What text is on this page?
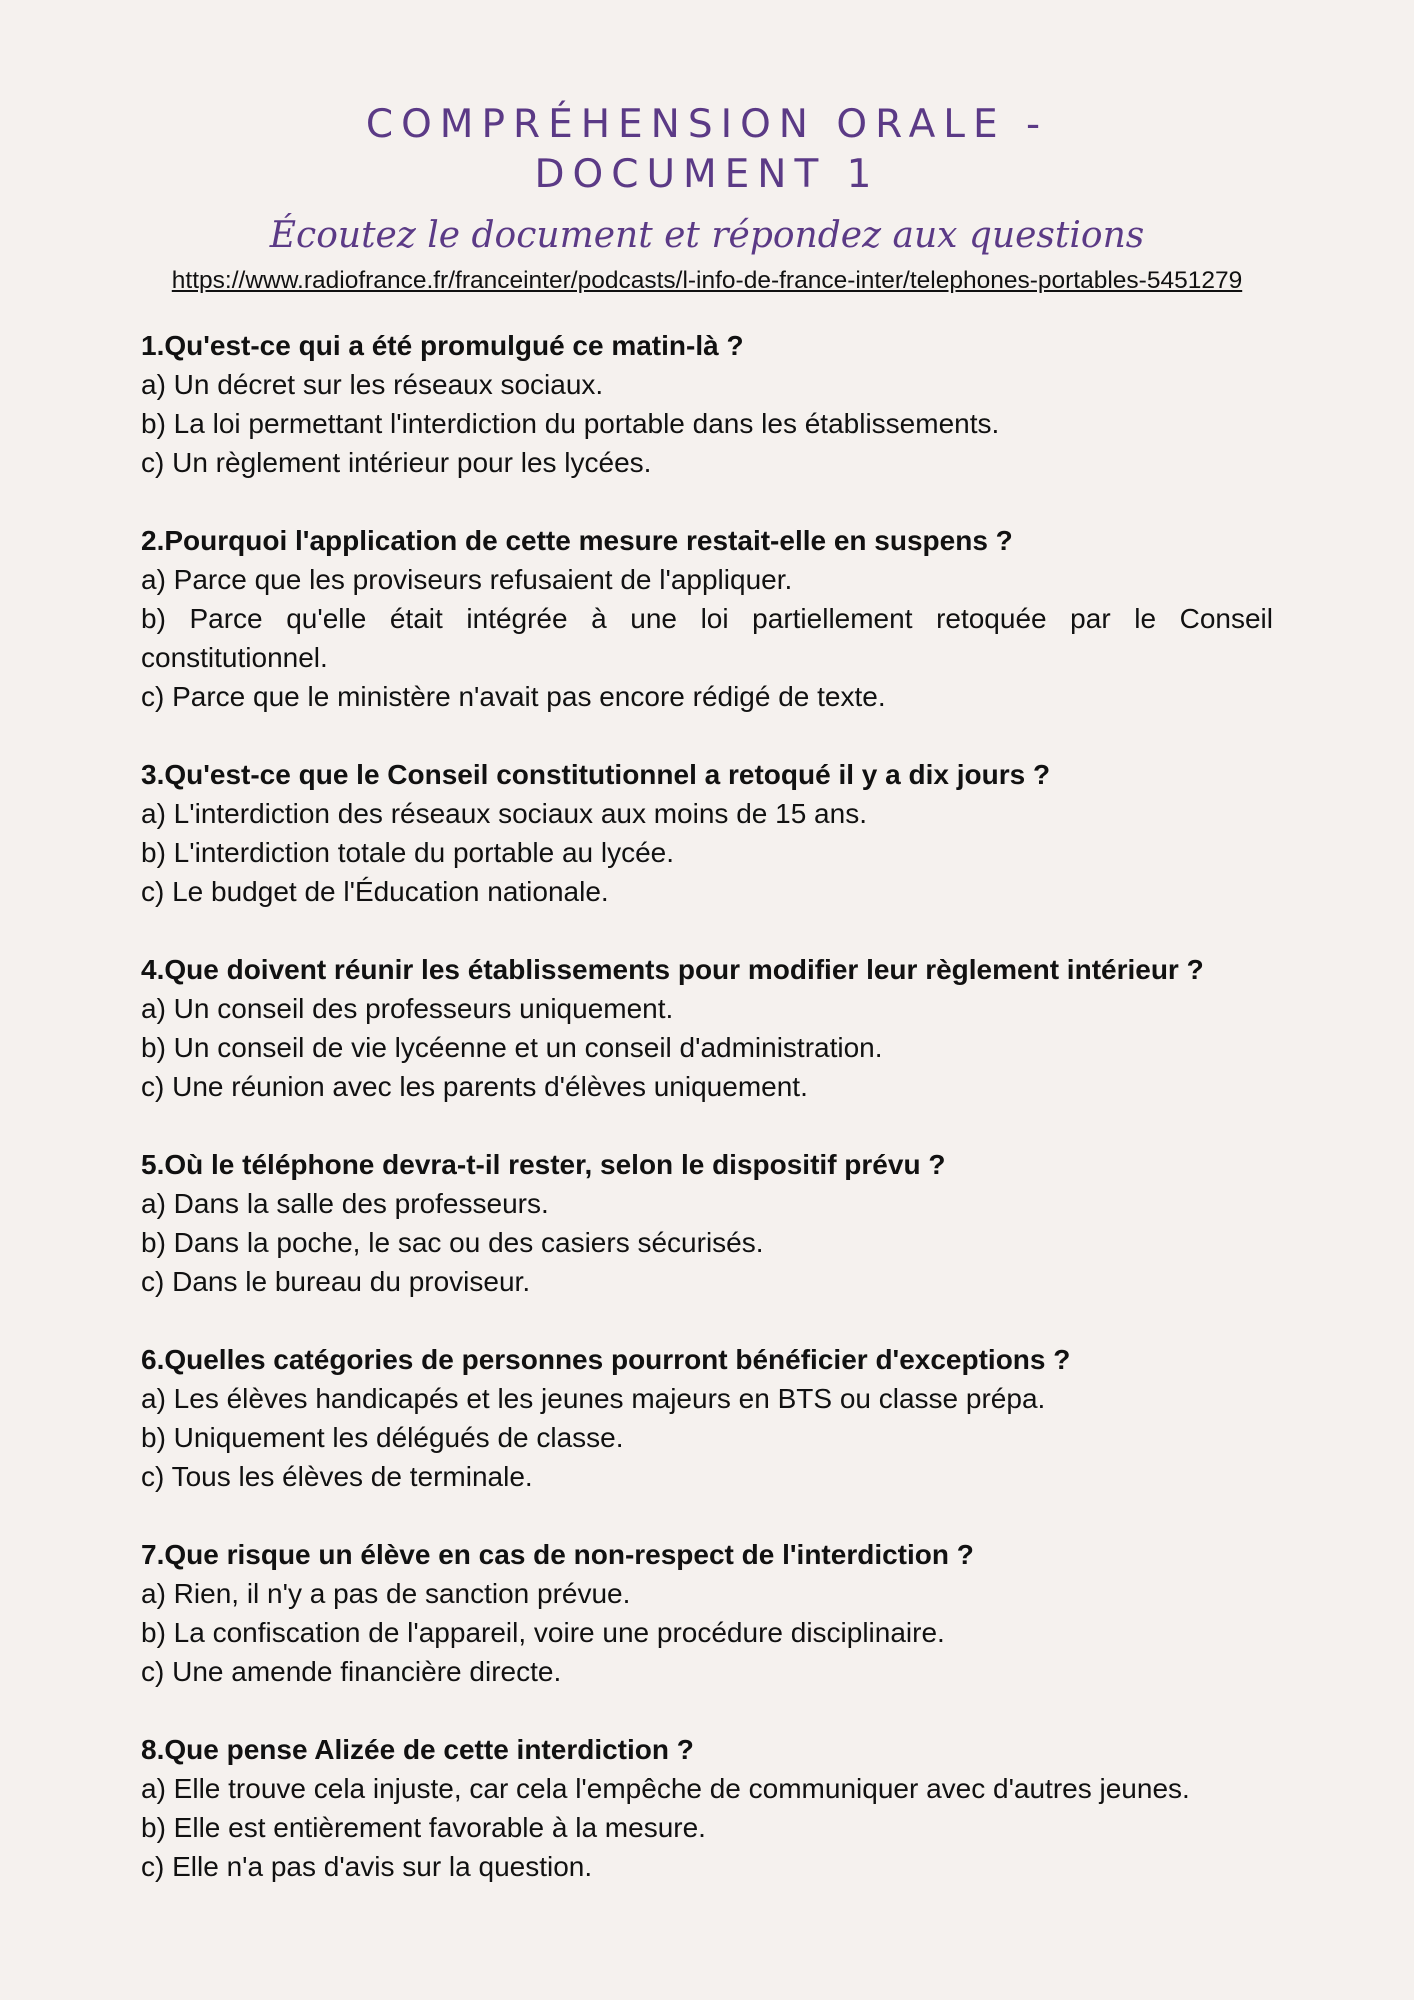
COMPRÉHENSION ORALE -
DOCUMENT 1

Écoutez le document et répondez aux questions

https://www.radiofrance.fr/franceinter/podcasts/l-info-de-france-inter/telephones-portables-5451279

1.Qu'est-ce qui a été promulgué ce matin-là ?

a) Un décret sur les réseaux sociaux.

b) La loi permettant l'interdiction du portable dans les établissements.

c) Un règlement intérieur pour les lycées.

2.Pourquoi l'application de cette mesure restait-elle en suspens ?

a) Parce que les proviseurs refusaient de l'appliquer.

b) Parce qu'elle était intégrée à une loi partiellement retoquée par le Conseil constitutionnel.

c) Parce que le ministère n'avait pas encore rédigé de texte.

3.Qu'est-ce que le Conseil constitutionnel a retoqué il y a dix jours ?

a) L'interdiction des réseaux sociaux aux moins de 15 ans.

b) L'interdiction totale du portable au lycée.

c) Le budget de l'Éducation nationale.

4.Que doivent réunir les établissements pour modifier leur règlement intérieur ?

a) Un conseil des professeurs uniquement.

b) Un conseil de vie lycéenne et un conseil d'administration.

c) Une réunion avec les parents d'élèves uniquement.

5.Où le téléphone devra-t-il rester, selon le dispositif prévu ?

a) Dans la salle des professeurs.

b) Dans la poche, le sac ou des casiers sécurisés.

c) Dans le bureau du proviseur.

6.Quelles catégories de personnes pourront bénéficier d'exceptions ?

a) Les élèves handicapés et les jeunes majeurs en BTS ou classe prépa.

b) Uniquement les délégués de classe.

c) Tous les élèves de terminale.

7.Que risque un élève en cas de non-respect de l'interdiction ?

a) Rien, il n'y a pas de sanction prévue.

b) La confiscation de l'appareil, voire une procédure disciplinaire.

c) Une amende financière directe.

8.Que pense Alizée de cette interdiction ?

a) Elle trouve cela injuste, car cela l'empêche de communiquer avec d'autres jeunes.

b) Elle est entièrement favorable à la mesure.

c) Elle n'a pas d'avis sur la question.
